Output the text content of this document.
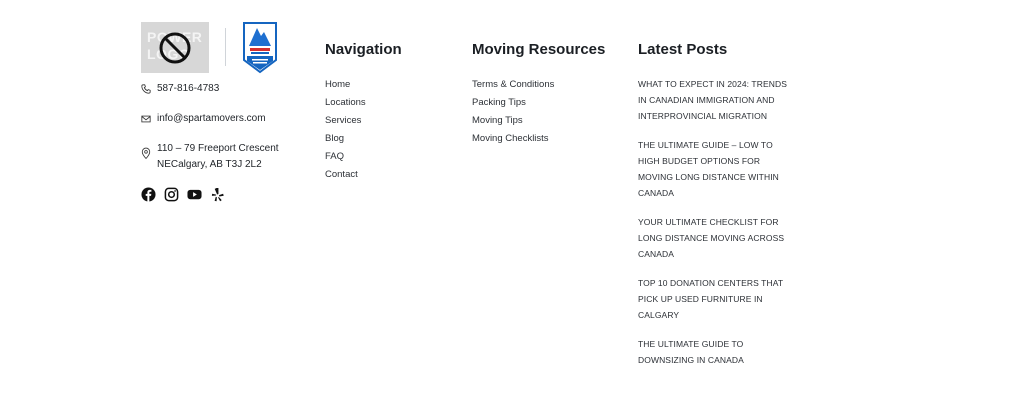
POWER LOGO
587-816-4783
info@spartamovers.com
110 – 79 Freeport Crescent
NECalgary, AB T3J 2L2
Navigation
Home
Locations
Services
Blog
FAQ
Contact
Moving Resources
Terms & Conditions
Packing Tips
Moving Tips
Moving Checklists
Latest Posts
WHAT TO EXPECT IN 2024: TRENDS IN CANADIAN IMMIGRATION AND INTERPROVINCIAL MIGRATION
THE ULTIMATE GUIDE – LOW TO HIGH BUDGET OPTIONS FOR MOVING LONG DISTANCE WITHIN CANADA
YOUR ULTIMATE CHECKLIST FOR LONG DISTANCE MOVING ACROSS CANADA
TOP 10 DONATION CENTERS THAT PICK UP USED FURNITURE IN CALGARY
THE ULTIMATE GUIDE TO DOWNSIZING IN CANADA
